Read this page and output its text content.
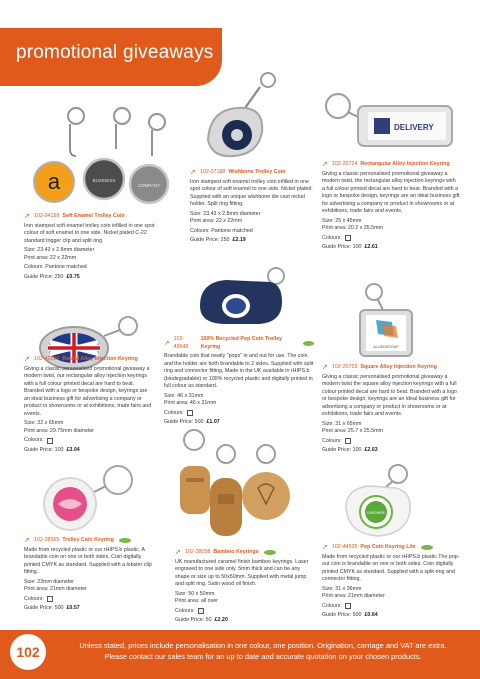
promotional giveaways
a	BUSINESS
COMPANY
DELIVERY
ALLIEDGROUP
CHESHIRE
➚ 102-04159 Soft Enamel Trolley Coin
Iron stamped soft enamel trolley coin infilled in one spot colour of soft enamel to one side. Nickel plated C-22 standard trigger clip and split ring
Size: 23.43 x 2.8mm diameter
Print area: 22 x 22mm
Colours: Pantone matched
Guide Price: 250 £0.75
➚ 102-07188 Wishbone Trolley Coin
Iron stamped soft enamel trolley coin infilled in one spot colour of soft enamel to one side. Nickel plated. Supplied with an unique wishbone die cast nickel holder. Split ring fitting.
Size: 23.43 x 2.8mm diameter
Print area: 22 x 22mm
Colours: Pantone matched
Guide Price: 250 £2.19
➚ 102-20724 Rectangular Alloy Injection Keyring
Giving a classic personalised promotional giveaway a modern twist, the rectangular alloy injection keyrings with a full colour printed decal are hard to beat. Branded with a logo or bespoke design, keyrings are an ideal business gift for advertising a company or product in showrooms or at exhibitions, trade fairs and events.
Size: 25 x 45mm
Print area: 20.2 x 35.5mm
Colours:
Guide Price: 100 £2.61
➚
102-43643
100% Recycled Pop Coin Trolley Keyring
Brandable coin that neatly "pops" in and out for use. The coin and the holder are both brandable to 2 sides. Supplied with split ring and connector fitting. Made in the UK available in rHIPS.b (biodegradable) or 100% recycled plastic and digitally printed in full colour as standard.
Size: 46 x 31mm
Print area: 46 x 31mm
Colours:
Guide Price: 500 £1.07
➚ 102-42526 Round Alloy Injection Keyring
Giving a classic personalised promotional giveaway a modern twist, our rectangular alloy injection keyrings with a full colour printed decal are hard to beat. Branded with a logo or bespoke design, keyrings are an ideal business gift for advertising a company or product in showrooms or at exhibitions, trade fairs and events.
Size: 32 x 65mm
Print area: 29.75mm diameter
Colours:
Guide Price: 100 £3.04
➚ 102-20723 Square Alloy Injection Keyring
Giving a classic personalised promotional giveaway a modern twist the square alloy injection keyrings with a full colour printed decal are hard to beat. Branded with a logo or bespoke design, keyrings are an ideal business gift for advertising a company or product in showrooms or at exhibitions, trade fairs and events.
Size: 31 x 65mm
Print area: 25.7 x 25.5mm
Colours:
Guide Price: 100 £2.63
➚ 102-28565 Trolley Coin Keyring
Made from recycled plastic or our rHIPS.b plastic. A brandable coin on one or both sides. Coin digitally printed CMYK as standard. Supplied with a lobster clip fitting.
Size: 23mm diameter
Print area: 21mm diameter
Colours:
Guide Price: 500 £0.57
➚ 102-38058 Bamboo Keyrings
UK manufactured caramel finish bamboo keyrings. Laser engraved to one side only. 5mm thick and can be any shape or size up to 50x50mm. Supplied with metal jump and split ring. Satin wood oil finish.
Size: 50 x 50mm
Print area: all over
Colours:
Guide Price: 50 £2.20
➚ 102-44535 Pop Coin Keyring Lite
Made from recycled plastic or our rHIPS.b plastic.The pop-out coin is brandable on one or both sides. Coin digitally printed CMYK as standard. Supplied with a split-ring and connector fitting.
Size: 31 x 36mm
Print area: 21mm diameter
Colours:
Guide Price: 500 £0.64
102	Unless stated, prices include personalisation in one colour, one position. Origination, carriage and VAT are extra.
Please contact our sales team for an up to date and accurate quotation on your chosen products.
